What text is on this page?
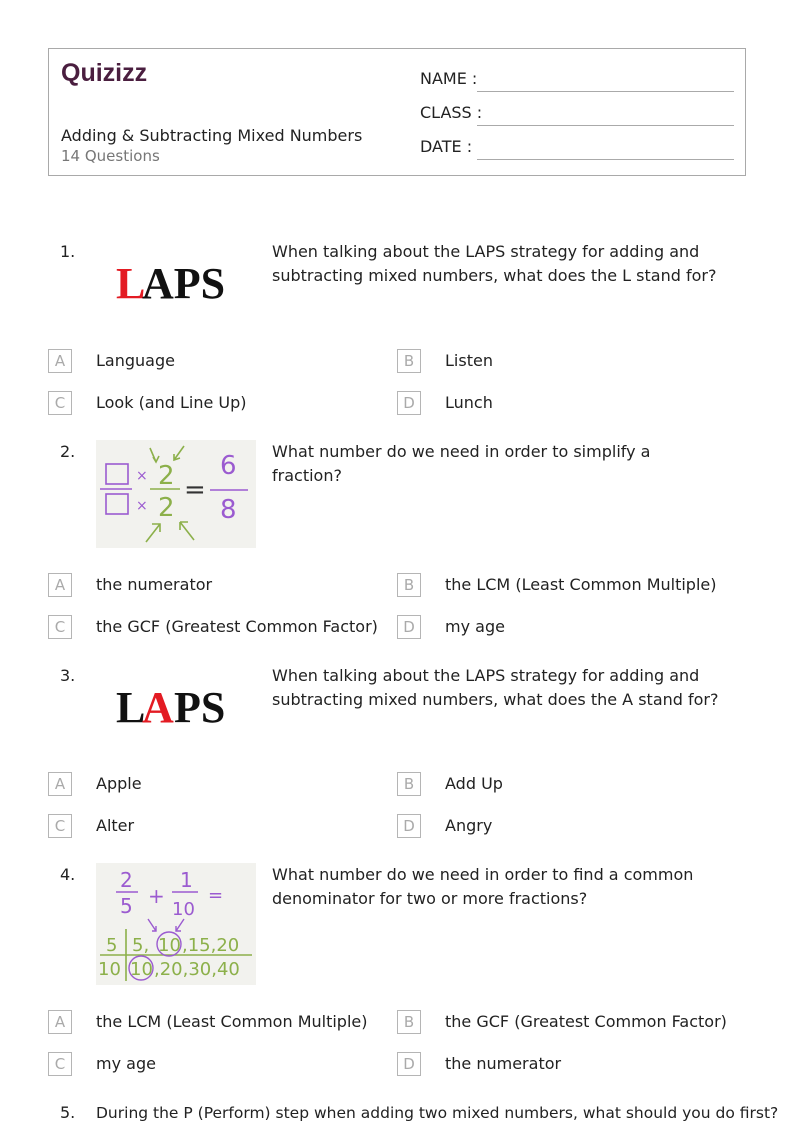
Quizizz
Adding & Subtracting Mixed Numbers
14 Questions
NAME :
CLASS :
DATE :
1.
L
APS
When talking about the LAPS strategy for adding and subtracting mixed numbers, what does the L stand for?
A	Language	B	Listen
C	Look (and Line Up)	D	Lunch
2.
×
×
2
2
=
6
8
What number do we need in order to simplify a fraction?
A	the numerator	B	the LCM (Least Common Multiple)
C	the GCF (Greatest Common Factor)	D	my age
3.
L
A PS
When talking about the LAPS strategy for adding and subtracting mixed numbers, what does the A stand for?
A	Apple	B	Add Up
C	Alter	D	Angry
4. 2
5 +
1
10
=
5 5, 10 ,15,20
10 10 ,20,30,40
What number do we need in order to find a common denominator for two or more fractions?
A	the LCM (Least Common Multiple)	B	the GCF (Greatest Common Factor)
C	my age	D	the numerator
5. During the P (Perform) step when adding two mixed numbers, what should you do first?
